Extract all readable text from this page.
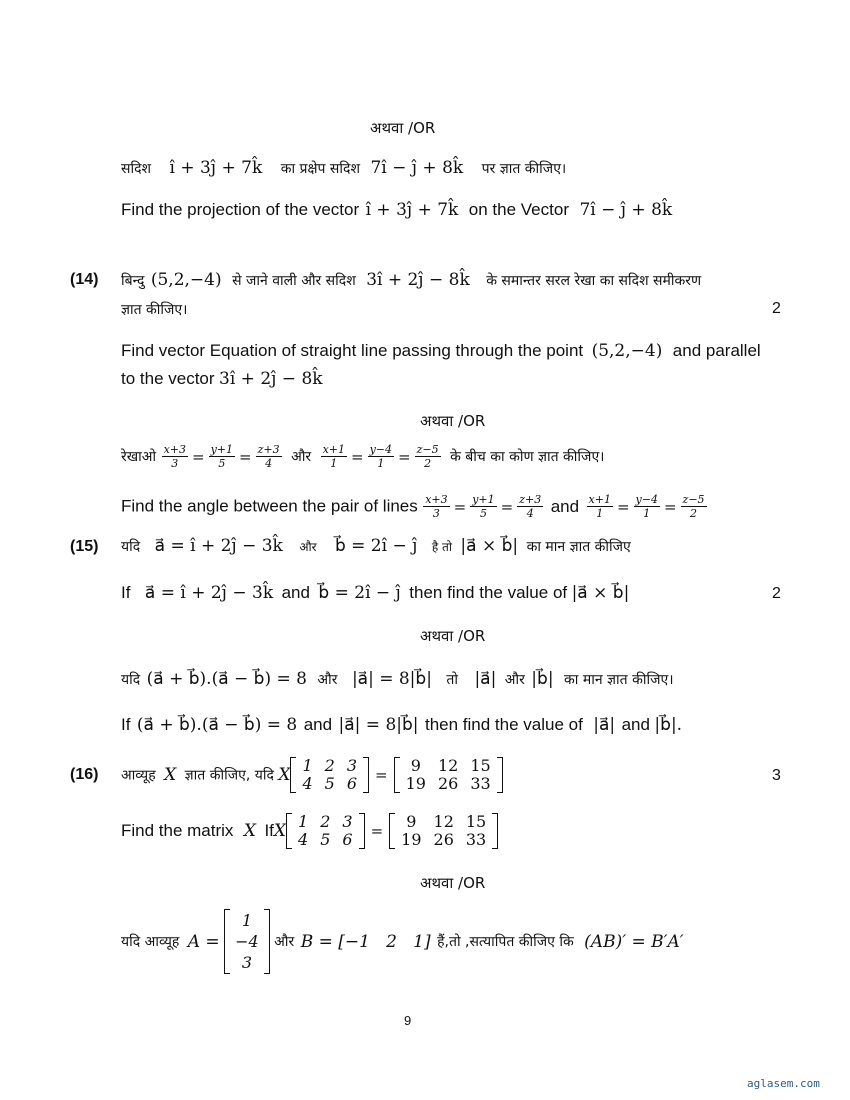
अथवा /OR
सदिश î + 3ĵ + 7k̂ का प्रक्षेप सदिश 7î − ĵ + 8k̂ पर ज्ञात कीजिए।
Find the projection of the vector î + 3ĵ + 7k̂ on the Vector 7î − ĵ + 8k̂
(14) बिन्दु (5,2,−4) से जाने वाली और सदिश 3î + 2ĵ − 8k̂ के समान्तर सरल रेखा का सदिश समीकरण
ज्ञात कीजिए।	2
Find vector Equation of straight line passing through the point (5,2,−4) and parallel
to the vector 3î + 2ĵ − 8k̂
अथवा /OR
रेखाओ $\frac{x+3}{3} = \frac{y+1}{5} = \frac{z+3}{4}$ और $\frac{x+1}{1} = \frac{y-4}{1} = \frac{z-5}{2}$ के बीच का कोण ज्ञात कीजिए।
Find the angle between the pair of lines $\frac{x+3}{3} = \frac{y+1}{5} = \frac{z+3}{4}$ and $\frac{x+1}{1} = \frac{y-4}{1} = \frac{z-5}{2}$
(15) यदि a⃗ = î + 2ĵ − 3k̂ और b⃗ = 2î − ĵ है तो |a⃗ × b⃗| का मान ज्ञात कीजिए
If a⃗ = î + 2ĵ − 3k̂ and b⃗ = 2î − ĵ then find the value of |a⃗ × b⃗|	2
अथवा /OR
यदि (a⃗ + b⃗).(a⃗ − b⃗) = 8 और |a⃗| = 8|b⃗| तो |a⃗| और |b⃗| का मान ज्ञात कीजिए।
If (a⃗ + b⃗).(a⃗ − b⃗) = 8 and |a⃗| = 8|b⃗| then find the value of |a⃗| and |b⃗|.
(16) आव्यूह X ज्ञात कीजिए, यदि X 1	2	3
4	5	6 = 9	12	15
19	26	33	3
Find the matrix X IfX 1	2	3
4	5	6 = 9	12	15
19	26	33
अथवा /OR
यदि आव्यूह A =
1
−4
3
और B = [−1   2   1] हैं,तो ,सत्यापित कीजिए कि (AB)′ = B′A′
9
aglasem.com
